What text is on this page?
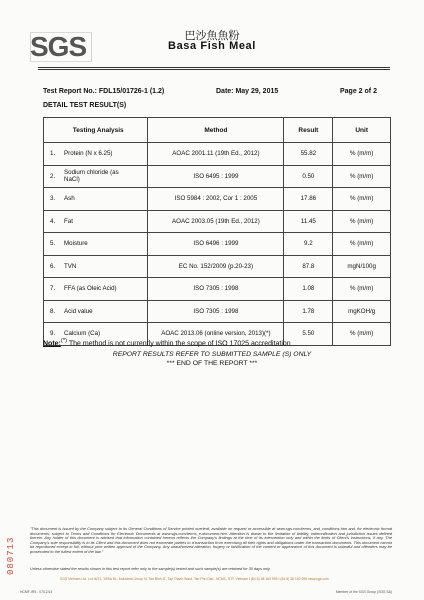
SGS	巴沙魚魚粉
Basa Fish Meal
Test Report No.: FDL15/01726-1 (1.2)	Date: May 29, 2015	Page 2 of 2
DETAIL TEST RESULT(S)
Testing Analysis	Method	Result	Unit
1. Protein (N x 6.25)	AOAC 2001.11 (19th Ed., 2012)	55.82	% (m/m)
2. Sodium chloride (as NaCl)	ISO 6495 : 1999	0.50	% (m/m)
3. Ash	ISO 5984 : 2002, Cor 1 : 2005	17.86	% (m/m)
4. Fat	AOAC 2003.05 (19th Ed., 2012)	11.45	% (m/m)
5. Moisture	ISO 6496 : 1999	9.2	% (m/m)
6. TVN	EC No. 152/2009 (p.20-23)	87.8	mgN/100g
7. FFA (as Oleic Acid)	ISO 7305 : 1998	1.08	% (m/m)
8. Acid value	ISO 7305 : 1998	1.78	mgKOH/g
9. Calcium (Ca)	AOAC 2013.06 (online version, 2013)(*)	5.50	% (m/m)
Note:(*) The method is not currently within the scope of ISO 17025 accreditation
REPORT RESULTS REFER TO SUBMITTED SAMPLE (S) ONLY
*** END OF THE REPORT ***
080713
"This document is issued by the Company subject to its General Conditions of Service printed overleaf, available on request or accessible at www.sgs.com/terms_and_conditions.htm and, for electronic format documents, subject to Terms and Conditions for Electronic Documents at www.sgs.com/terms_e-document.htm. Attention is drawn to the limitation of liability, indemnification and jurisdiction issues defined therein. Any holder of this document is advised that information contained hereon reflects the Company's findings at the time of its intervention only and within the limits of Client's instructions, if any. The Company's sole responsibility is to its Client and this document does not exonerate parties to a transaction from exercising all their rights and obligations under the transaction documents. This document cannot be reproduced except in full, without prior written approval of the Company. Any unauthorized alteration, forgery or falsification of the content or appearance of this document is unlawful and offenders may be prosecuted to the fullest extent of the law."
Unless otherwise stated the results shown in this test report refer only to the sample(s) tested and such sample(s) are retained for 30 days only.
SGS Vietnam Ltd. Lot III/21, 19/5A St., Industrial Group III, Tan Binh IZ, Tay Thanh Ward, Tan Phu Dist., HCMC, S.R. Vietnam t (84 8) 38 160 999 f (84 8) 38 160 996 www.sgs.com
HCMF-IR5 - 07/12/14	Member of the SGS Group (SGS SA)
